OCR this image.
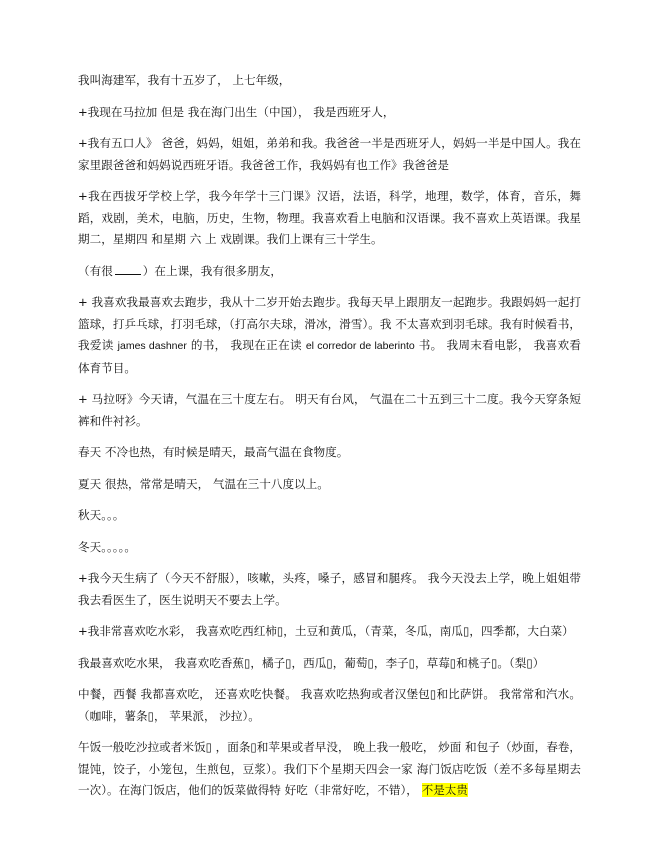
我叫海建军，我有十五岁了， 上七年级，

+我现在马拉加 但是 我在海门出生（中国）， 我是西班牙人，

+我有五口人》 爸爸，妈妈，姐姐，弟弟和我。我爸爸一半是西班牙人，妈妈一半是中国人。我在家里跟爸爸和妈妈说西班牙语。我爸爸工作，我妈妈有也工作》我爸爸是

+我在西拔牙学校上学，我今年学十三门课》汉语，法语，科学，地理，数学，体育，音乐，舞蹈，戏剧，美术，电脑，历史，生物，物理。我喜欢看上电脑和汉语课。我不喜欢上英语课。我星期二，星期四 和星期 六 上 戏剧课。我们上课有三十学生。

（有很	）在上课，我有很多朋友，

+ 我喜欢我最喜欢去跑步，我从十二岁开始去跑步。我每天早上跟朋友一起跑步。我跟妈妈一起打篮球，打乒乓球，打羽毛球，（打高尔夫球，滑冰，滑雪）。我 不太喜欢到羽毛球。我有时候看书， 我爱读 james dashner 的书， 我现在正在读 el corredor de laberinto 书。 我周末看电影， 我喜欢看体育节目。

+ 马拉呀》今天请，气温在三十度左右。 明天有台风， 气温在二十五到三十二度。我今天穿条短裤和件衬衫。

春天 不冷也热，有时候是晴天，最高气温在食物度。

夏天 很热，常常是晴天， 气温在三十八度以上。

秋天。。。

冬天。。。。。

+我今天生病了（今天不舒服），咳嗽，头疼，嗓子，感冒和腿疼。 我今天没去上学，晚上姐姐带我去看医生了，医生说明天不要去上学。

+我非常喜欢吃水彩， 我喜欢吃西红柿▯，土豆和黄瓜，（青菜，冬瓜，南瓜▯，四季都，大白菜）

我最喜欢吃水果， 我喜欢吃香蕉▯，橘子▯，西瓜▯，葡萄▯，李子▯，草莓▯和桃子▯。（梨▯）

中餐，西餐 我都喜欢吃， 还喜欢吃快餐。 我喜欢吃热狗或者汉堡包▯和比萨饼。 我常常和汽水。（咖啡，薯条▯， 苹果派， 沙拉）。

午饭一般吃沙拉或者米饭▯ ，面条▯和苹果或者早没， 晚上我一般吃， 炒面 和包子（炒面，春卷，馄饨，饺子，小笼包，生煎包，豆浆）。我们下个星期天四会一家 海门饭店吃饭（差不多每星期去一次）。在海门饭店，他们的饭菜做得特 好吃（非常好吃，不错）， 不是太贵
